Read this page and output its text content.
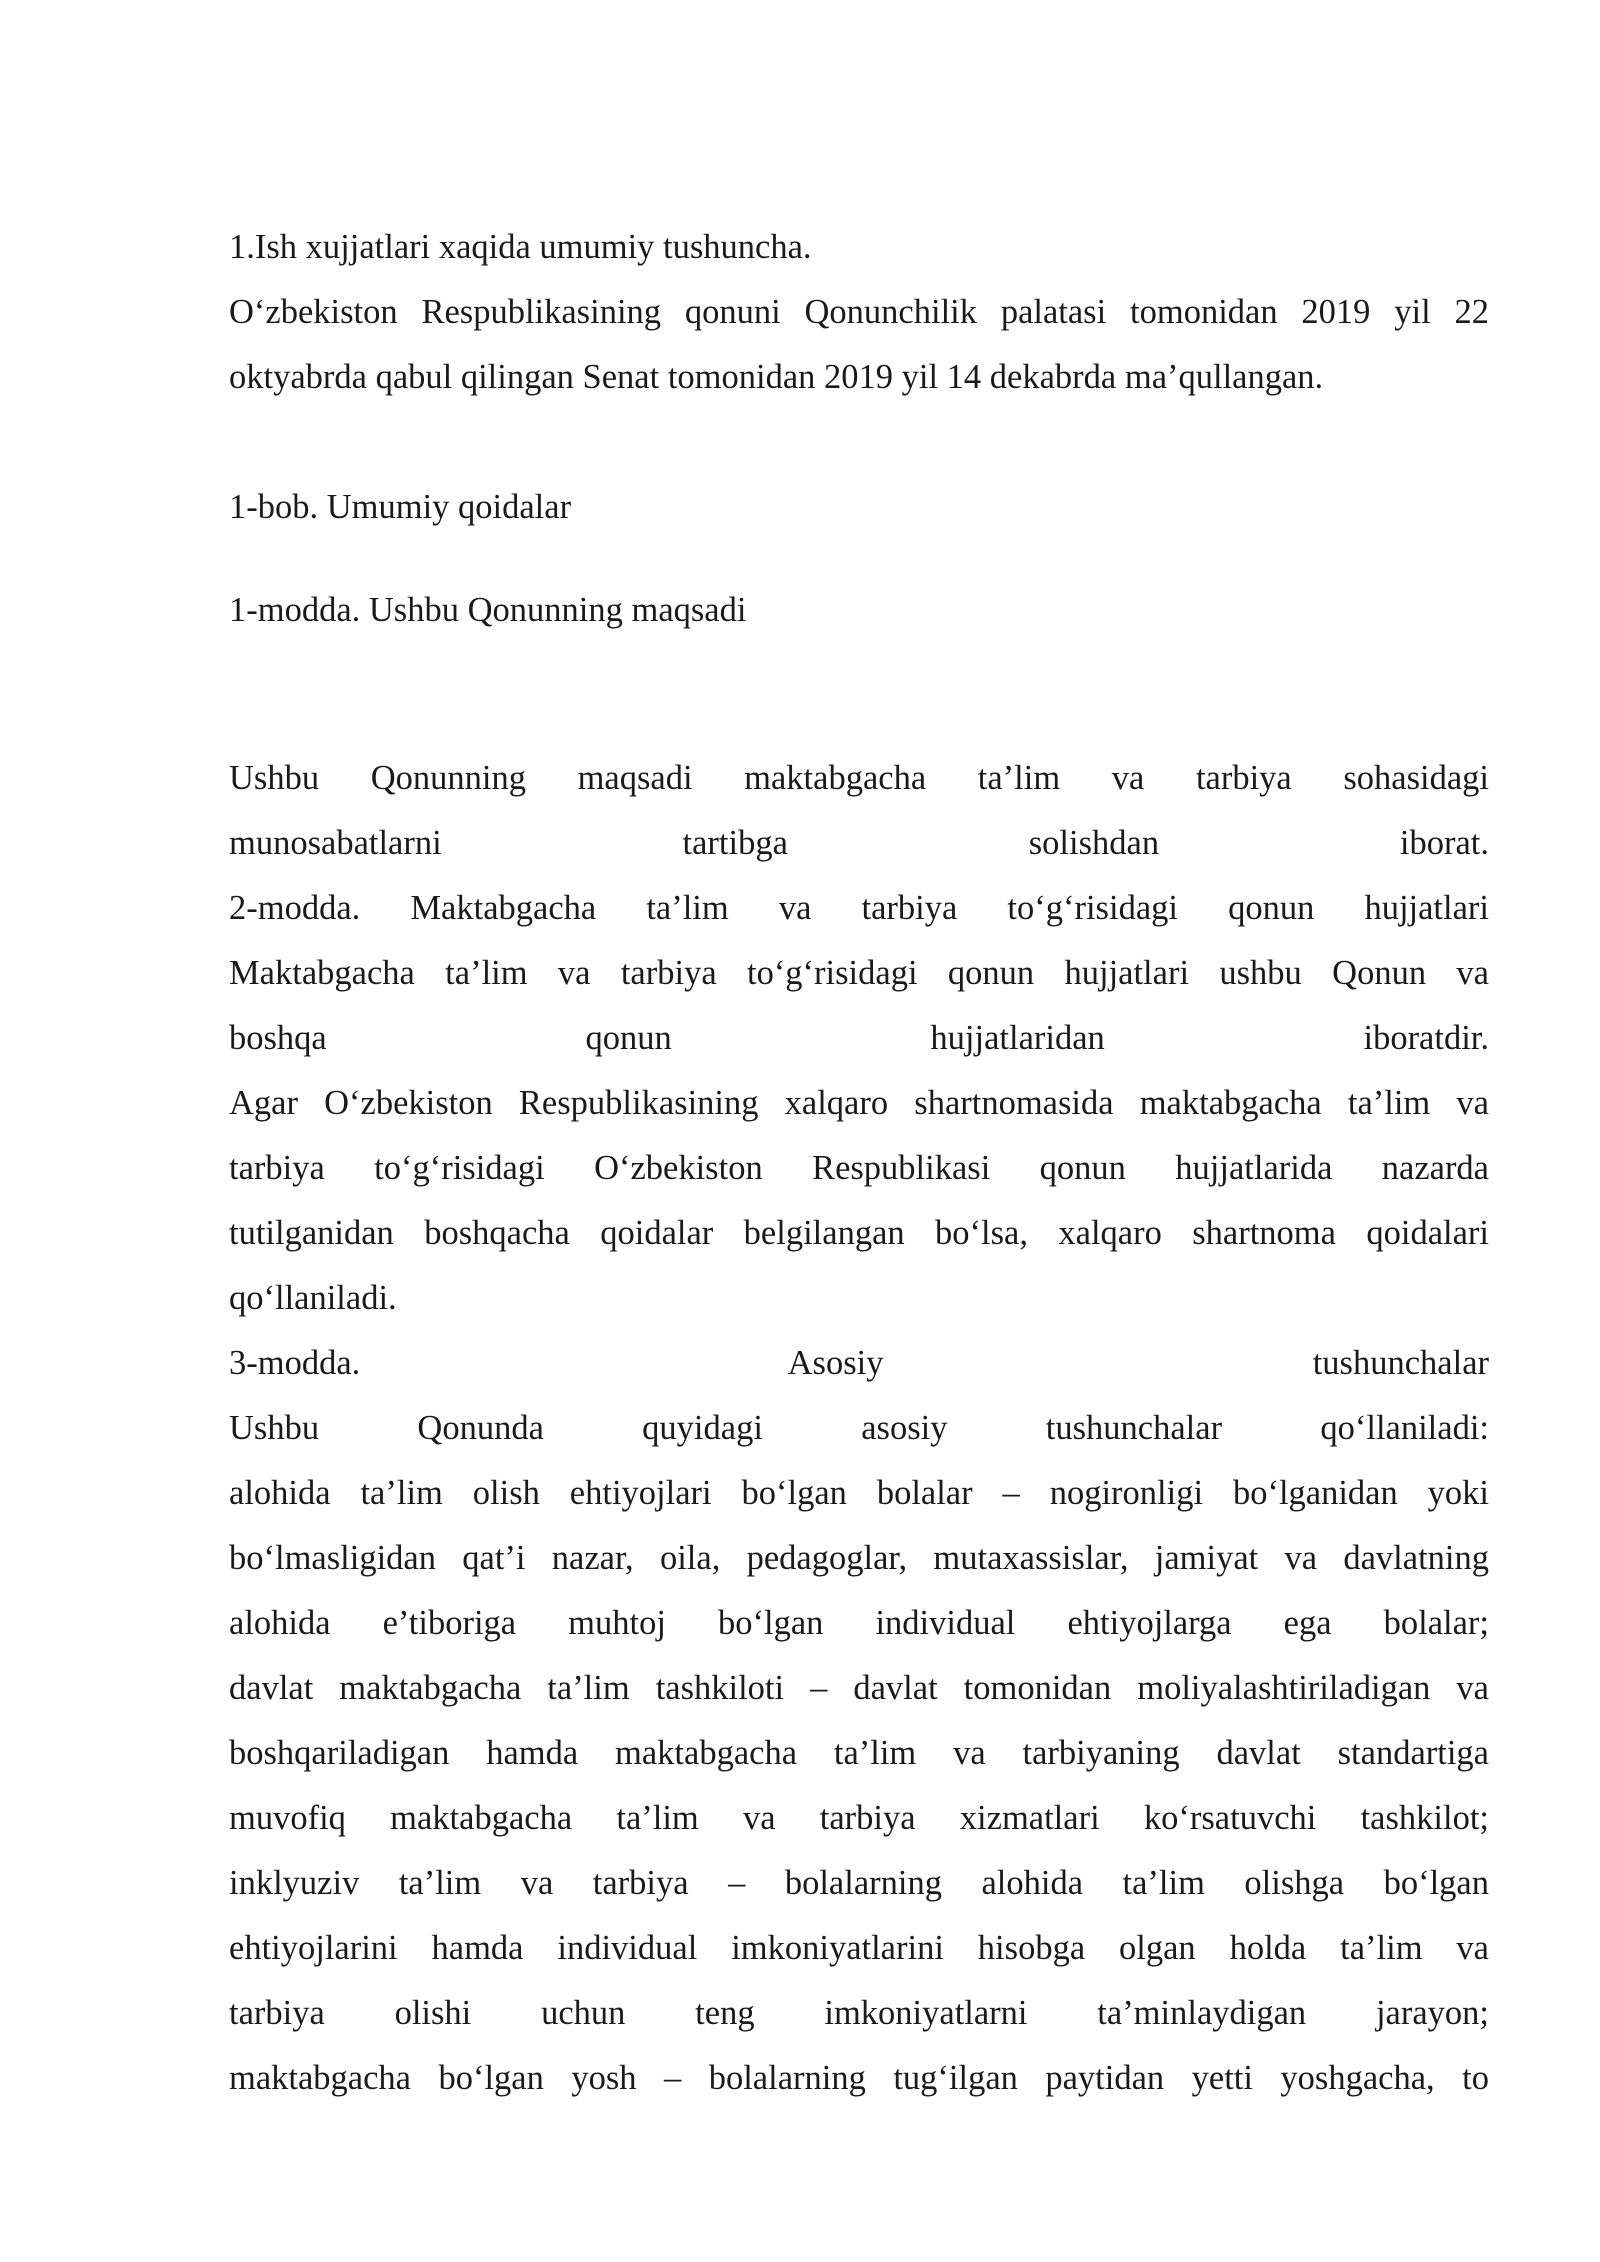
1.Ish xujjatlari xaqida umumiy tushuncha.
O‘zbekiston Respublikasining qonuni Qonunchilik palatasi tomonidan 2019 yil 22
oktyabrda qabul qilingan Senat tomonidan 2019 yil 14 dekabrda ma’qullangan.
1-bob. Umumiy qoidalar
1-modda. Ushbu Qonunning maqsadi
Ushbu Qonunning maqsadi maktabgacha ta’lim va tarbiya sohasidagi
munosabatlarni tartibga solishdan iborat.
2-modda. Maktabgacha ta’lim va tarbiya to‘g‘risidagi qonun hujjatlari
Maktabgacha ta’lim va tarbiya to‘g‘risidagi qonun hujjatlari ushbu Qonun va
boshqa qonun hujjatlaridan iboratdir.
Agar O‘zbekiston Respublikasining xalqaro shartnomasida maktabgacha ta’lim va
tarbiya to‘g‘risidagi O‘zbekiston Respublikasi qonun hujjatlarida nazarda
tutilganidan boshqacha qoidalar belgilangan bo‘lsa, xalqaro shartnoma qoidalari
qo‘llaniladi.
3-modda. Asosiy tushunchalar
Ushbu Qonunda quyidagi asosiy tushunchalar qo‘llaniladi:
alohida ta’lim olish ehtiyojlari bo‘lgan bolalar – nogironligi bo‘lganidan yoki
bo‘lmasligidan qat’i nazar, oila, pedagoglar, mutaxassislar, jamiyat va davlatning
alohida e’tiboriga muhtoj bo‘lgan individual ehtiyojlarga ega bolalar;
davlat maktabgacha ta’lim tashkiloti – davlat tomonidan moliyalashtiriladigan va
boshqariladigan hamda maktabgacha ta’lim va tarbiyaning davlat standartiga
muvofiq maktabgacha ta’lim va tarbiya xizmatlari ko‘rsatuvchi tashkilot;
inklyuziv ta’lim va tarbiya – bolalarning alohida ta’lim olishga bo‘lgan
ehtiyojlarini hamda individual imkoniyatlarini hisobga olgan holda ta’lim va
tarbiya olishi uchun teng imkoniyatlarni ta’minlaydigan jarayon;
maktabgacha bo‘lgan yosh – bolalarning tug‘ilgan paytidan yetti yoshgacha, to
